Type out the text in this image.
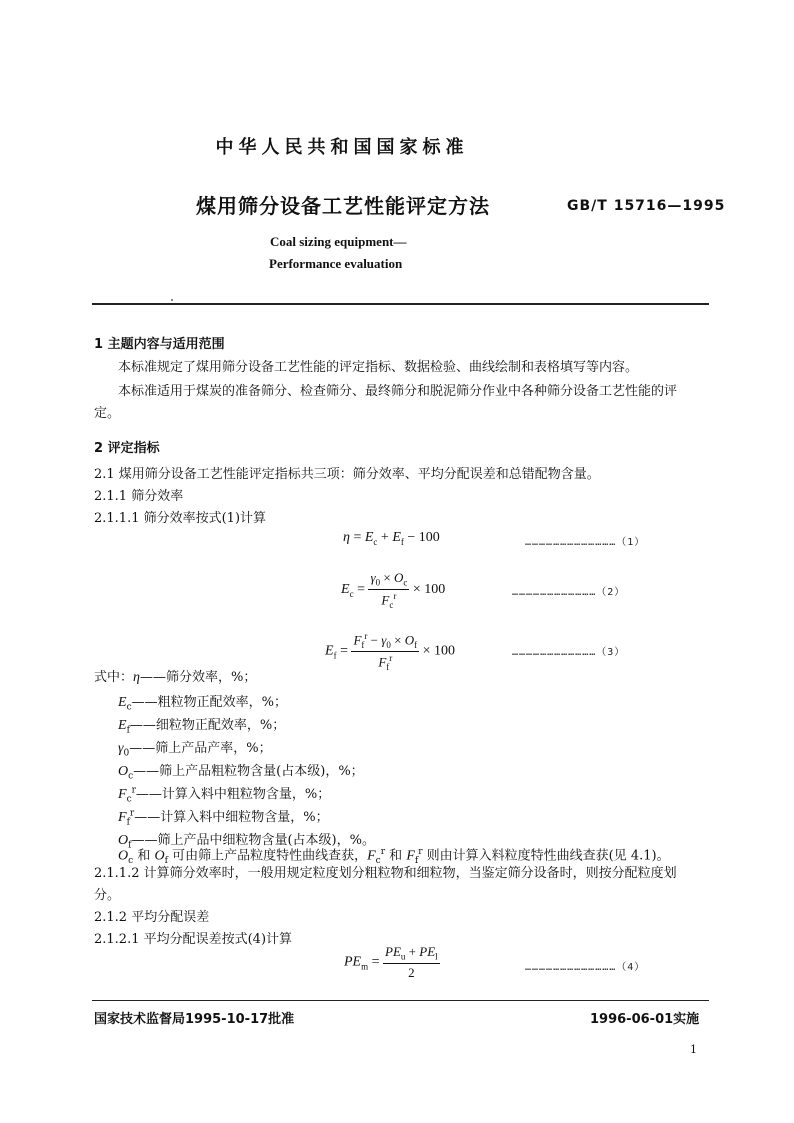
中华人民共和国国家标准
煤用筛分设备工艺性能评定方法	GB/T 15716—1995
Coal sizing equipment—
Performance evaluation
1 主题内容与适用范围
本标准规定了煤用筛分设备工艺性能的评定指标、数据检验、曲线绘制和表格填写等内容。
本标准适用于煤炭的准备筛分、检查筛分、最终筛分和脱泥筛分作业中各种筛分设备工艺性能的评
定。
2 评定指标
2.1 煤用筛分设备工艺性能评定指标共三项：筛分效率、平均分配误差和总错配物含量。
2.1.1 筛分效率
2.1.1.1 筛分效率按式(1)计算
$\eta = E_c + E_f - 100$	…………………………………（1）
$E_c = \frac{\gamma_0 \times O_c}{F_c^r} \times 100$	………………………………（2）
$E_f = \frac{F_f^r - \gamma_0 \times O_f}{F_f^r} \times 100$	………………………………（3）
式中：η——筛分效率，%；
$E_c——$粗粒物正配效率，%；
$E_f——$细粒物正配效率，%；
$\gamma_0——$筛上产品产率，%；
$O_c——$筛上产品粗粒物含量(占本级)，%；
$F_c^r——$计算入料中粗粒物含量，%；
$F_f^r——$计算入料中细粒物含量，%；
$O_f——$筛上产品中细粒物含量(占本级)，%。
$O_c$ 和 $O_f$ 可由筛上产品粒度特性曲线查获，$F_c^r$ 和 $F_f^r$ 则由计算入料粒度特性曲线查获(见 4.1)。
2.1.1.2 计算筛分效率时，一般用规定粒度划分粗粒物和细粒物，当鉴定筛分设备时，则按分配粒度划
分。
2.1.2 平均分配误差
2.1.2.1 平均分配误差按式(4)计算
$PE_m = \frac{PE_u + PE_l}{2}$	…………………………………（4）
国家技术监督局1995-10-17批准	1996-06-01实施
1
